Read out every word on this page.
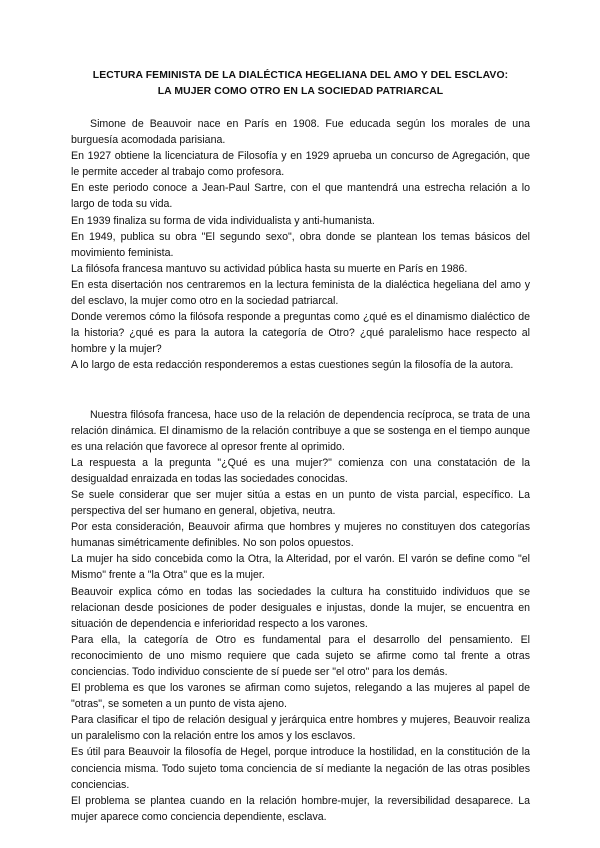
LECTURA FEMINISTA DE LA DIALÉCTICA HEGELIANA DEL AMO Y DEL ESCLAVO:
LA MUJER COMO OTRO EN LA SOCIEDAD PATRIARCAL

Simone de Beauvoir nace en París en 1908. Fue educada según los morales de una burguesía acomodada parisiana.

En 1927 obtiene la licenciatura de Filosofía y en 1929 aprueba un concurso de Agregación, que le permite acceder al trabajo como profesora.

En este periodo conoce a Jean-Paul Sartre, con el que mantendrá una estrecha relación a lo largo de toda su vida.

En 1939 finaliza su forma de vida individualista y anti-humanista.

En 1949, publica su obra "El segundo sexo", obra donde se plantean los temas básicos del movimiento feminista.

La filósofa francesa mantuvo su actividad pública hasta su muerte en París en 1986.

En esta disertación nos centraremos en la lectura feminista de la dialéctica hegeliana del amo y del esclavo, la mujer como otro en la sociedad patriarcal.

Donde veremos cómo la filósofa responde a preguntas como ¿qué es el dinamismo dialéctico de la historia? ¿qué es para la autora la categoría de Otro? ¿qué paralelismo hace respecto al hombre y la mujer?

A lo largo de esta redacción responderemos a estas cuestiones según la filosofía de la autora.

Nuestra filósofa francesa, hace uso de la relación de dependencia recíproca, se trata de una relación dinámica. El dinamismo de la relación contribuye a que se sostenga en el tiempo aunque es una relación que favorece al opresor frente al oprimido.

La respuesta a la pregunta "¿Qué es una mujer?" comienza con una constatación de la desigualdad enraizada en todas las sociedades conocidas.

Se suele considerar que ser mujer sitúa a estas en un punto de vista parcial, específico. La perspectiva del ser humano en general, objetiva, neutra.

Por esta consideración, Beauvoir afirma que hombres y mujeres no constituyen dos categorías humanas simétricamente definibles. No son polos opuestos.

La mujer ha sido concebida como la Otra, la Alteridad, por el varón. El varón se define como "el Mismo" frente a "la Otra" que es la mujer.

Beauvoir explica cómo en todas las sociedades la cultura ha constituido individuos que se relacionan desde posiciones de poder desiguales e injustas, donde la mujer, se encuentra en situación de dependencia e inferioridad respecto a los varones.

Para ella, la categoría de Otro es fundamental para el desarrollo del pensamiento. El reconocimiento de uno mismo requiere que cada sujeto se afirme como tal frente a otras conciencias. Todo individuo consciente de sí puede ser "el otro" para los demás.

El problema es que los varones se afirman como sujetos, relegando a las mujeres al papel de "otras", se someten a un punto de vista ajeno.

Para clasificar el tipo de relación desigual y jerárquica entre hombres y mujeres, Beauvoir realiza un paralelismo con la relación entre los amos y los esclavos.

Es útil para Beauvoir la filosofía de Hegel, porque introduce la hostilidad, en la constitución de la conciencia misma. Todo sujeto toma conciencia de sí mediante la negación de las otras posibles conciencias.

El problema se plantea cuando en la relación hombre-mujer, la reversibilidad desaparece. La mujer aparece como conciencia dependiente, esclava.
